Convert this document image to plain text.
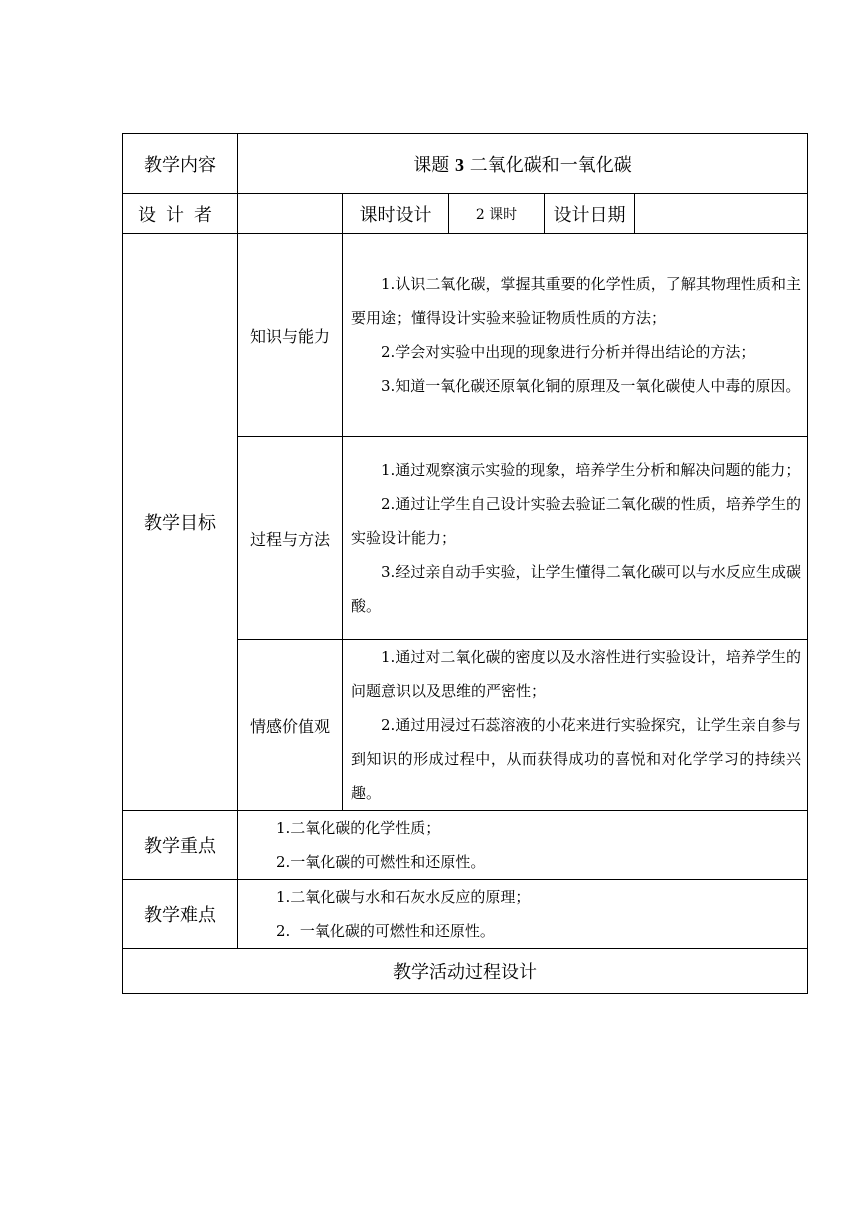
教学内容	课题 3 二氧化碳和一氧化碳				
设计者		课时设计	2 课时	设计日期	
教学目标	知识与能力	1.认识二氧化碳，掌握其重要的化学性质，了解其物理性质和主要用途；懂得设计实验来验证物质性质的方法；
2.学会对实验中出现的现象进行分析并得出结论的方法；
3.知道一氧化碳还原氧化铜的原理及一氧化碳使人中毒的原因。			

	过程与方法	1.通过观察演示实验的现象，培养学生分析和解决问题的能力；
2.通过让学生自己设计实验去验证二氧化碳的性质，培养学生的实验设计能力；
3.经过亲自动手实验，让学生懂得二氧化碳可以与水反应生成碳酸。			

	情感价值观	1.通过对二氧化碳的密度以及水溶性进行实验设计，培养学生的问题意识以及思维的严密性；
2.通过用浸过石蕊溶液的小花来进行实验探究，让学生亲自参与到知识的形成过程中，从而获得成功的喜悦和对化学学习的持续兴趣。			

教学重点	1.二氧化碳的化学性质；
2.一氧化碳的可燃性和还原性。				

教学难点	1.二氧化碳与水和石灰水反应的原理；
2.  一氧化碳的可燃性和还原性。				

教学活动过程设计					
